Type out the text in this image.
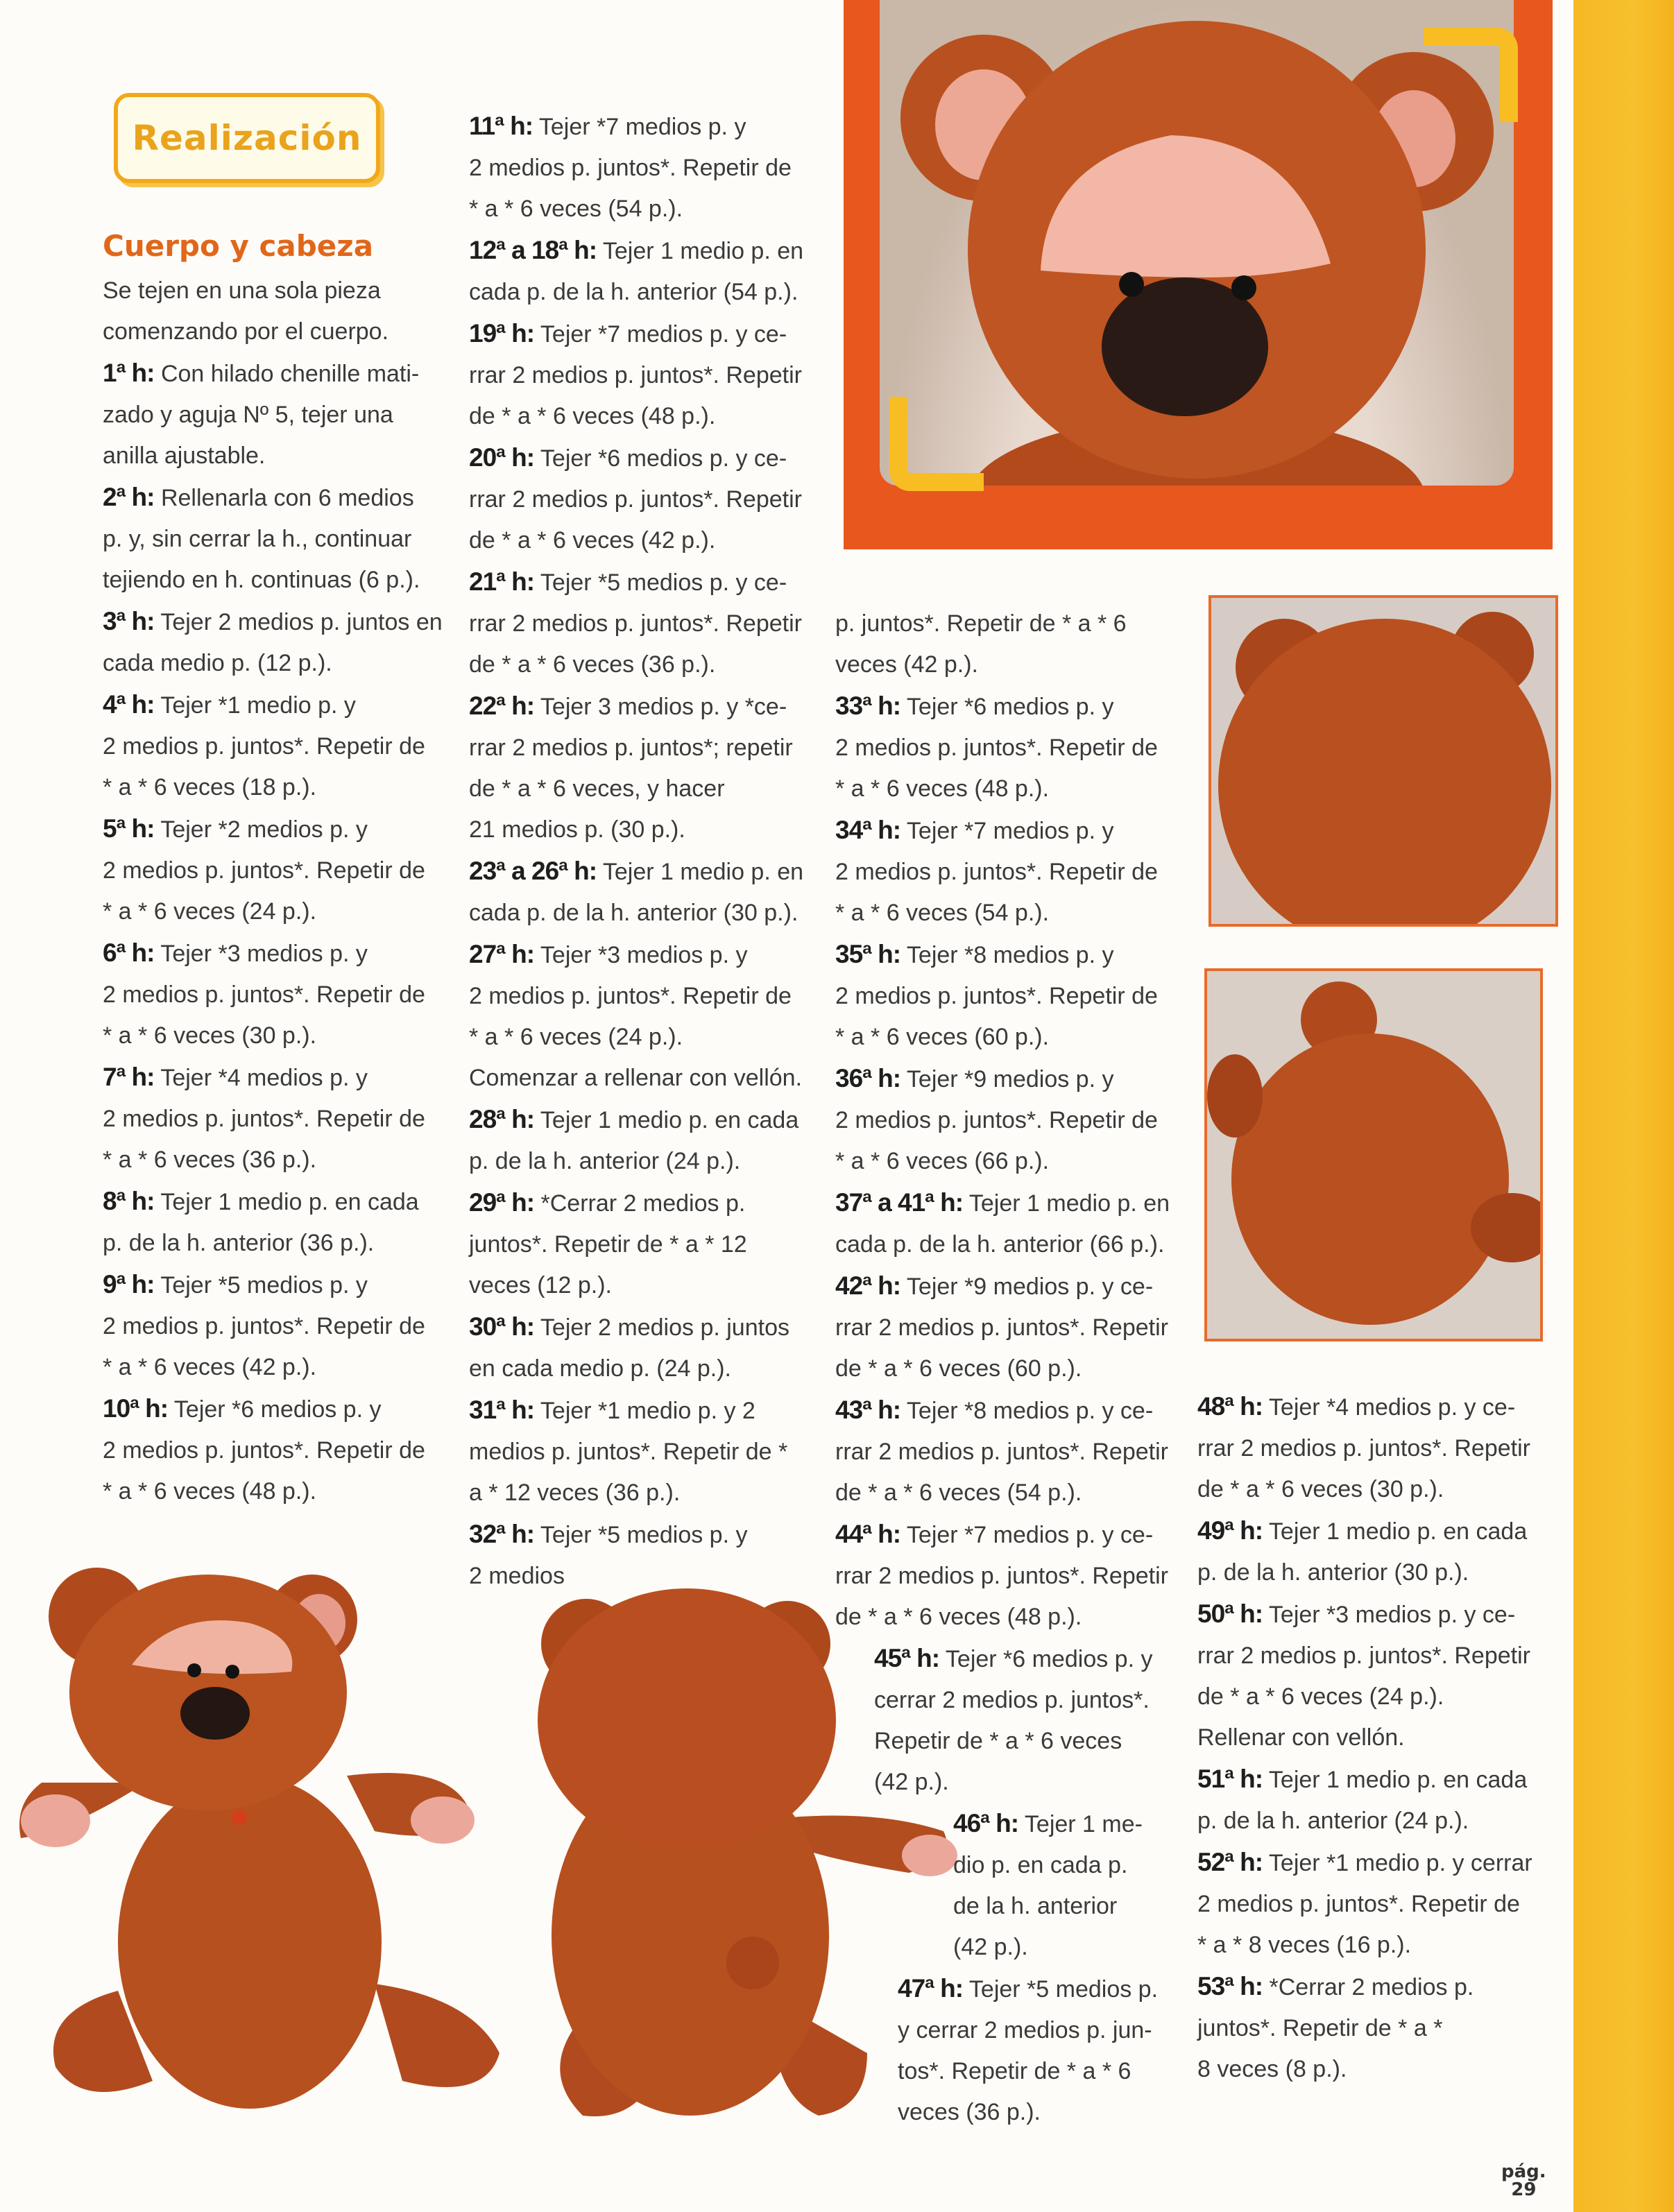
Realización

Cuerpo y cabeza

Se tejen en una sola pieza

comenzando por el cuerpo.

1ª h: Con hilado chenille mati-

zado y aguja Nº 5, tejer una

anilla ajustable.

2ª h: Rellenarla con 6 medios

p. y, sin cerrar la h., continuar

tejiendo en h. continuas (6 p.).

3ª h: Tejer 2 medios p. juntos en

cada medio p. (12 p.).

4ª h: Tejer *1 medio p. y

2 medios p. juntos*. Repetir de

* a * 6 veces (18 p.).

5ª h: Tejer *2 medios p. y

2 medios p. juntos*. Repetir de

* a * 6 veces (24 p.).

6ª h: Tejer *3 medios p. y

2 medios p. juntos*. Repetir de

* a * 6 veces (30 p.).

7ª h: Tejer *4 medios p. y

2 medios p. juntos*. Repetir de

* a * 6 veces (36 p.).

8ª h: Tejer 1 medio p. en cada

p. de la h. anterior (36 p.).

9ª h: Tejer *5 medios p. y

2 medios p. juntos*. Repetir de

* a * 6 veces (42 p.).

10ª h: Tejer *6 medios p. y

2 medios p. juntos*. Repetir de

* a * 6 veces (48 p.).

11ª h: Tejer *7 medios p. y

2 medios p. juntos*. Repetir de

* a * 6 veces (54 p.).

12ª a 18ª h: Tejer 1 medio p. en

cada p. de la h. anterior (54 p.).

19ª h: Tejer *7 medios p. y ce-

rrar 2 medios p. juntos*. Repetir

de * a * 6 veces (48 p.).

20ª h: Tejer *6 medios p. y ce-

rrar 2 medios p. juntos*. Repetir

de * a * 6 veces (42 p.).

21ª h: Tejer *5 medios p. y ce-

rrar 2 medios p. juntos*. Repetir

de * a * 6 veces (36 p.).

22ª h: Tejer 3 medios p. y *ce-

rrar 2 medios p. juntos*; repetir

de * a * 6 veces, y hacer

21 medios p. (30 p.).

23ª a 26ª h: Tejer 1 medio p. en

cada p. de la h. anterior (30 p.).

27ª h: Tejer *3 medios p. y

2 medios p. juntos*. Repetir de

* a * 6 veces (24 p.).

Comenzar a rellenar con vellón.

28ª h: Tejer 1 medio p. en cada

p. de la h. anterior (24 p.).

29ª h: *Cerrar 2 medios p.

juntos*. Repetir de * a * 12

veces (12 p.).

30ª h: Tejer 2 medios p. juntos

en cada medio p. (24 p.).

31ª h: Tejer *1 medio p. y 2

medios p. juntos*. Repetir de *

a * 12 veces (36 p.).

32ª h: Tejer *5 medios p. y

2 medios

p. juntos*. Repetir de * a * 6

veces (42 p.).

33ª h: Tejer *6 medios p. y

2 medios p. juntos*. Repetir de

* a * 6 veces (48 p.).

34ª h: Tejer *7 medios p. y

2 medios p. juntos*. Repetir de

* a * 6 veces (54 p.).

35ª h: Tejer *8 medios p. y

2 medios p. juntos*. Repetir de

* a * 6 veces (60 p.).

36ª h: Tejer *9 medios p. y

2 medios p. juntos*. Repetir de

* a * 6 veces (66 p.).

37ª a 41ª h: Tejer 1 medio p. en

cada p. de la h. anterior (66 p.).

42ª h: Tejer *9 medios p. y ce-

rrar 2 medios p. juntos*. Repetir

de * a * 6 veces (60 p.).

43ª h: Tejer *8 medios p. y ce-

rrar 2 medios p. juntos*. Repetir

de * a * 6 veces (54 p.).

44ª h: Tejer *7 medios p. y ce-

rrar 2 medios p. juntos*. Repetir

de * a * 6 veces (48 p.).

45ª h: Tejer *6 medios p. y

cerrar 2 medios p. juntos*.

Repetir de * a * 6 veces

(42 p.).

46ª h: Tejer 1 me-

dio p. en cada p.

de la h. anterior

(42 p.).

47ª h: Tejer *5 medios p.

y cerrar 2 medios p. jun-

tos*. Repetir de * a * 6

veces (36 p.).

48ª h: Tejer *4 medios p. y ce-

rrar 2 medios p. juntos*. Repetir

de * a * 6 veces (30 p.).

49ª h: Tejer 1 medio p. en cada

p. de la h. anterior (30 p.).

50ª h: Tejer *3 medios p. y ce-

rrar 2 medios p. juntos*. Repetir

de * a * 6 veces (24 p.).

Rellenar con vellón.

51ª h: Tejer 1 medio p. en cada

p. de la h. anterior (24 p.).

52ª h: Tejer *1 medio p. y cerrar

2 medios p. juntos*. Repetir de

* a * 8 veces (16 p.).

53ª h: *Cerrar 2 medios p.

juntos*. Repetir de * a *

8 veces (8 p.).

pág.
29
